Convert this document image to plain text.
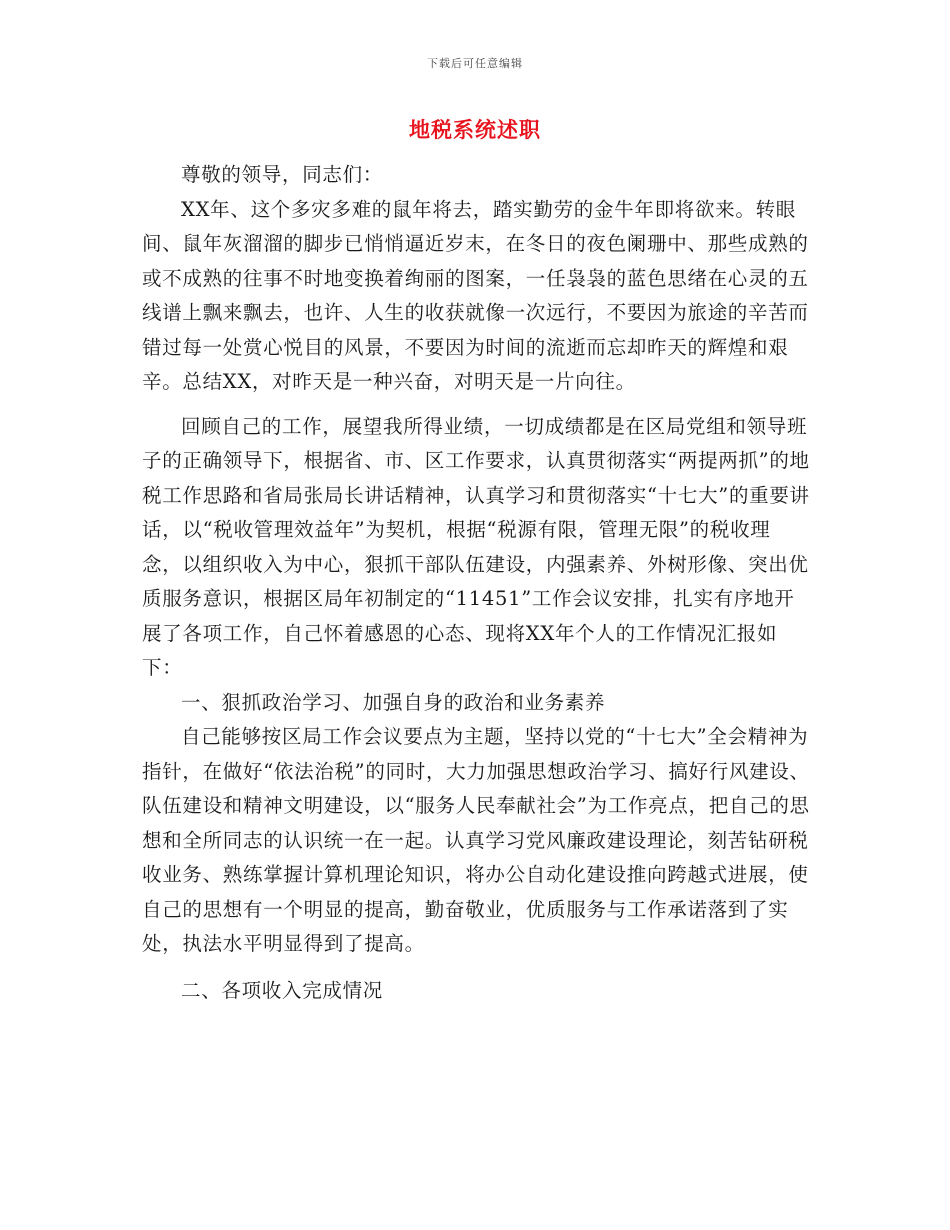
下载后可任意编辑
地税系统述职

尊敬的领导，同志们：

XX年、这个多灾多难的鼠年将去，踏实勤劳的金牛年即将欲来。转眼间、鼠年灰溜溜的脚步已悄悄逼近岁末，在冬日的夜色阑珊中、那些成熟的或不成熟的往事不时地变换着绚丽的图案，一任袅袅的蓝色思绪在心灵的五线谱上飘来飘去，也许、人生的收获就像一次远行，不要因为旅途的辛苦而错过每一处赏心悦目的风景，不要因为时间的流逝而忘却昨天的辉煌和艰辛。总结XX，对昨天是一种兴奋，对明天是一片向往。

回顾自己的工作，展望我所得业绩，一切成绩都是在区局党组和领导班子的正确领导下，根据省、市、区工作要求，认真贯彻落实“两提两抓”的地税工作思路和省局张局长讲话精神，认真学习和贯彻落实“十七大”的重要讲话，以“税收管理效益年”为契机，根据“税源有限，管理无限”的税收理念，以组织收入为中心，狠抓干部队伍建设，内强素养、外树形像、突出优质服务意识，根据区局年初制定的“11451”工作会议安排，扎实有序地开展了各项工作，自己怀着感恩的心态、现将XX年个人的工作情况汇报如下：

一、狠抓政治学习、加强自身的政治和业务素养

自己能够按区局工作会议要点为主题，坚持以党的“十七大”全会精神为指针，在做好“依法治税”的同时，大力加强思想政治学习、搞好行风建设、队伍建设和精神文明建设，以“服务人民奉献社会”为工作亮点，把自己的思想和全所同志的认识统一在一起。认真学习党风廉政建设理论，刻苦钻研税收业务、熟练掌握计算机理论知识，将办公自动化建设推向跨越式进展，使自己的思想有一个明显的提高，勤奋敬业，优质服务与工作承诺落到了实处，执法水平明显得到了提高。

二、各项收入完成情况
